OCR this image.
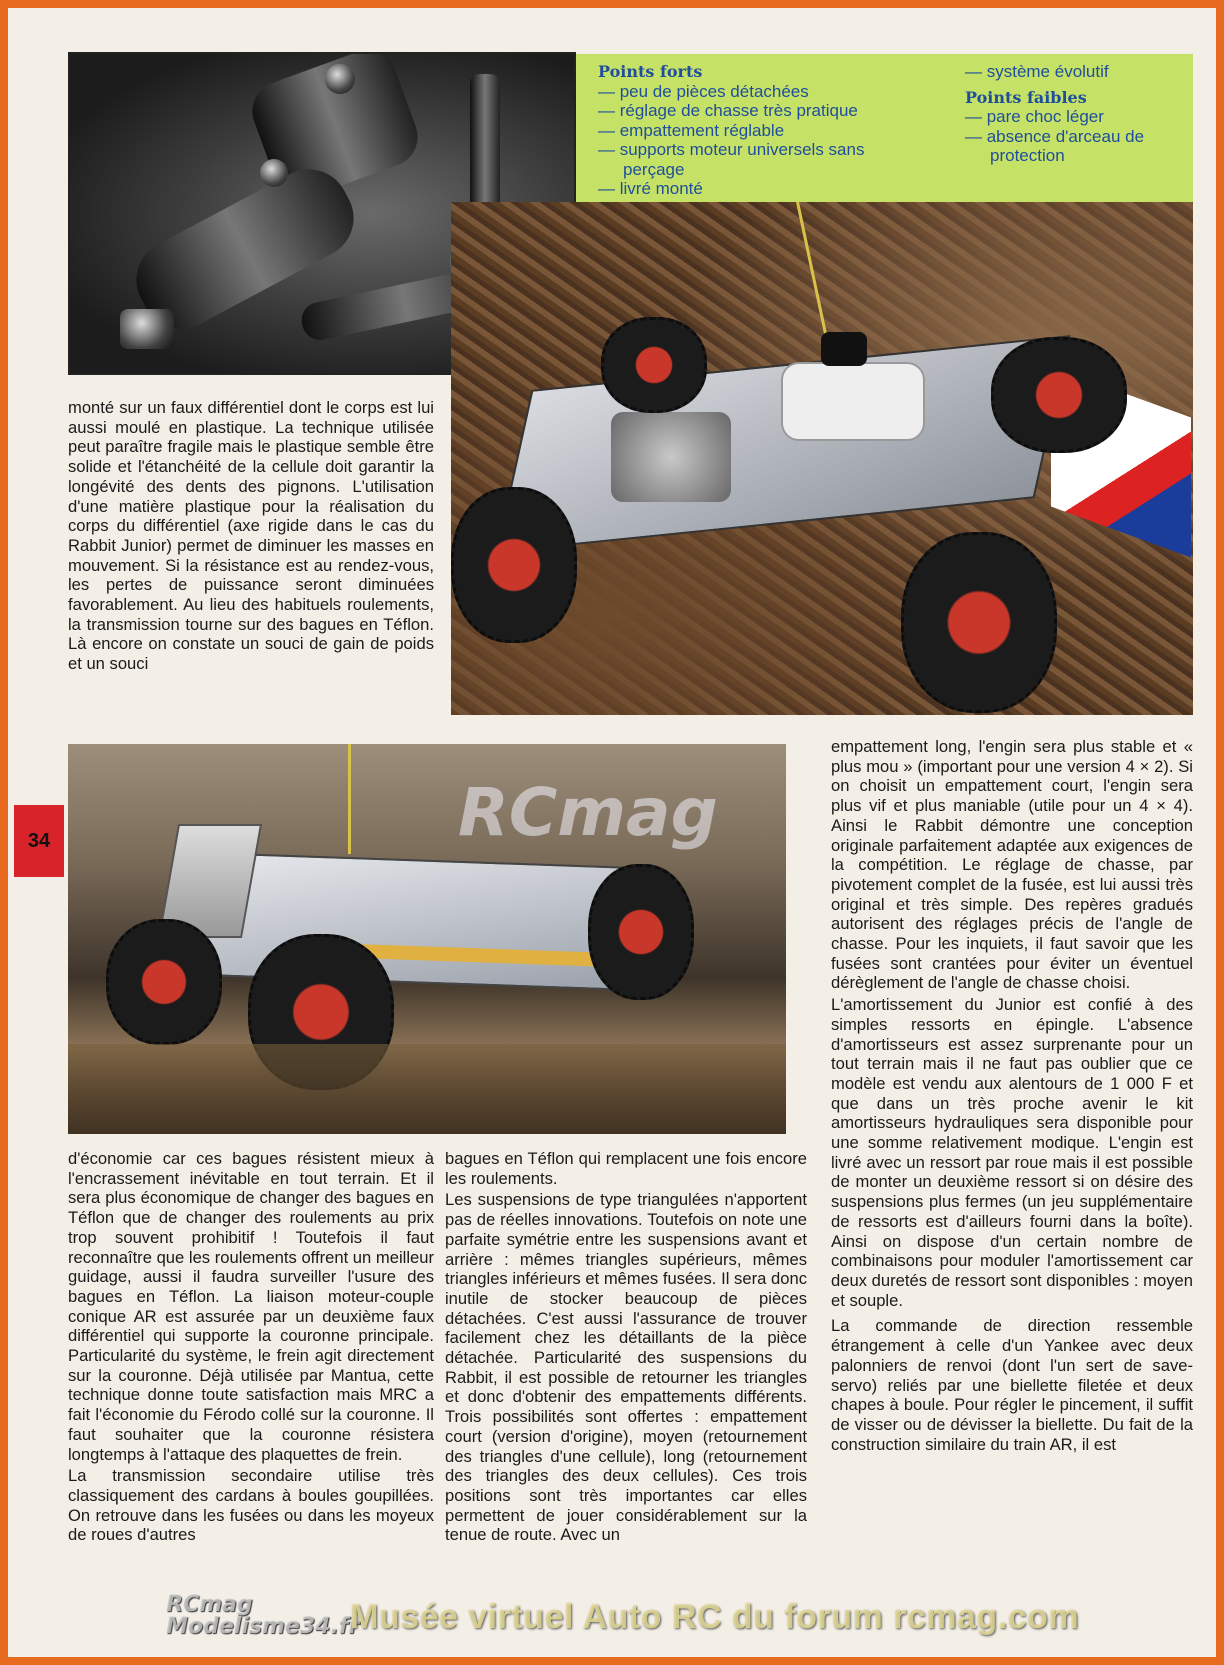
34
Points forts
— peu de pièces détachées
— réglage de chasse très pratique
— empattement réglable
— supports moteur universels sans perçage
— livré monté
— système évolutif
Points faibles
— pare choc léger
— absence d'arceau de protection

monté sur un faux différentiel dont le corps est lui aussi moulé en plastique. La technique utilisée peut paraître fragile mais le plastique semble être solide et l'étanchéité de la cellule doit garantir la longévité des dents des pignons. L'utilisation d'une matière plastique pour la réalisation du corps du différentiel (axe rigide dans le cas du Rabbit Junior) permet de diminuer les masses en mouvement. Si la résistance est au rendez-vous, les pertes de puissance seront diminuées favorablement. Au lieu des habituels roulements, la transmission tourne sur des bagues en Téflon. Là encore on constate un souci de gain de poids et un souci

RCmag

d'économie car ces bagues résistent mieux à l'encrassement inévitable en tout terrain. Et il sera plus économique de changer des bagues en Téflon que de changer des roulements au prix trop souvent prohibitif ! Toutefois il faut reconnaître que les roulements offrent un meilleur guidage, aussi il faudra surveiller l'usure des bagues en Téflon. La liaison moteur-couple conique AR est assurée par un deuxième faux différentiel qui supporte la couronne principale. Particularité du système, le frein agit directement sur la couronne. Déjà utilisée par Mantua, cette technique donne toute satisfaction mais MRC a fait l'économie du Férodo collé sur la couronne. Il faut souhaiter que la couronne résistera longtemps à l'attaque des plaquettes de frein.

La transmission secondaire utilise très classiquement des cardans à boules goupillées. On retrouve dans les fusées ou dans les moyeux de roues d'autres

bagues en Téflon qui remplacent une fois encore les roulements.

Les suspensions de type triangulées n'apportent pas de réelles innovations. Toutefois on note une parfaite symétrie entre les suspensions avant et arrière : mêmes triangles supérieurs, mêmes triangles inférieurs et mêmes fusées. Il sera donc inutile de stocker beaucoup de pièces détachées. C'est aussi l'assurance de trouver facilement chez les détaillants de la pièce détachée. Particularité des suspensions du Rabbit, il est possible de retourner les triangles et donc d'obtenir des empattements différents. Trois possibilités sont offertes : empattement court (version d'origine), moyen (retournement des triangles d'une cellule), long (retournement des triangles des deux cellules). Ces trois positions sont très importantes car elles permettent de jouer considérablement sur la tenue de route. Avec un

empattement long, l'engin sera plus stable et « plus mou » (important pour une version 4 × 2). Si on choisit un empattement court, l'engin sera plus vif et plus maniable (utile pour un 4 × 4). Ainsi le Rabbit démontre une conception originale parfaitement adaptée aux exigences de la compétition. Le réglage de chasse, par pivotement complet de la fusée, est lui aussi très original et très simple. Des repères gradués autorisent des réglages précis de l'angle de chasse. Pour les inquiets, il faut savoir que les fusées sont crantées pour éviter un éventuel dérèglement de l'angle de chasse choisi.

L'amortissement du Junior est confié à des simples ressorts en épingle. L'absence d'amortisseurs est assez surprenante pour un tout terrain mais il ne faut pas oublier que ce modèle est vendu aux alentours de 1 000 F et que dans un très proche avenir le kit amortisseurs hydrauliques sera disponible pour une somme relativement modique. L'engin est livré avec un ressort par roue mais il est possible de monter un deuxième ressort si on désire des suspensions plus fermes (un jeu supplémentaire de ressorts est d'ailleurs fourni dans la boîte). Ainsi on dispose d'un certain nombre de combinaisons pour moduler l'amortissement car deux duretés de ressort sont disponibles : moyen et souple.

La commande de direction ressemble étrangement à celle d'un Yankee avec deux palonniers de renvoi (dont l'un sert de save-servo) reliés par une biellette filetée et deux chapes à boule. Pour régler le pincement, il suffit de visser ou de dévisser la biellette. Du fait de la construction similaire du train AR, il est

RCmag
Modelisme34.fr
Musée virtuel Auto RC du forum rcmag.com
